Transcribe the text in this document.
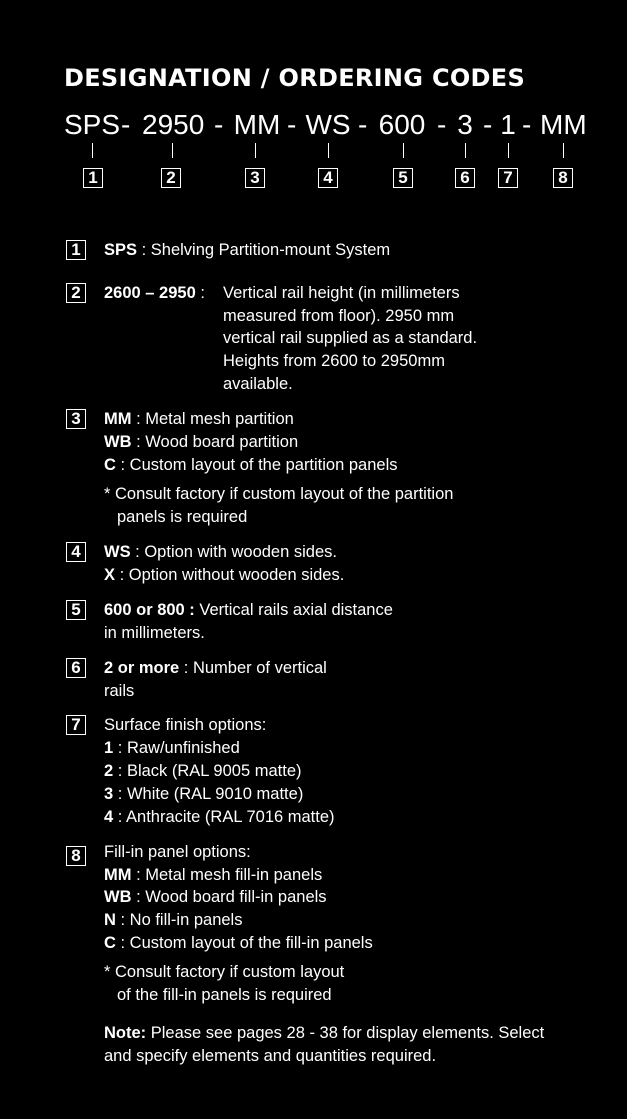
DESIGNATION / ORDERING CODES
SPS - 2950 - MM - WS - 600 - 3 - 1 - MM
1	2	3	4	5	6	7	8
1	SPS : Shelving Partition-mount System
2	2600 – 2950 : Vertical rail height (in millimeters
measured from floor). 2950 mm
vertical rail supplied as a standard.
Heights from 2600 to 2950mm
available.
3	MM : Metal mesh partition
WB : Wood board partition
C : Custom layout of the partition panels
* Consult factory if custom layout of the partition
panels is required
4	WS : Option with wooden sides.
X : Option without wooden sides.
5	600 or 800 : Vertical rails axial distance
in millimeters.
6	2 or more : Number of vertical
rails
7	Surface finish options:
1 : Raw/unfinished
2 : Black (RAL 9005 matte)
3 : White (RAL 9010 matte)
4 : Anthracite (RAL 7016 matte)
8	Fill-in panel options:
MM : Metal mesh fill-in panels
WB : Wood board fill-in panels
N : No fill-in panels
C : Custom layout of the fill-in panels
* Consult factory if custom layout
of the fill-in panels is required
Note: Please see pages 28 - 38 for display elements. Select
and specify elements and quantities required.
